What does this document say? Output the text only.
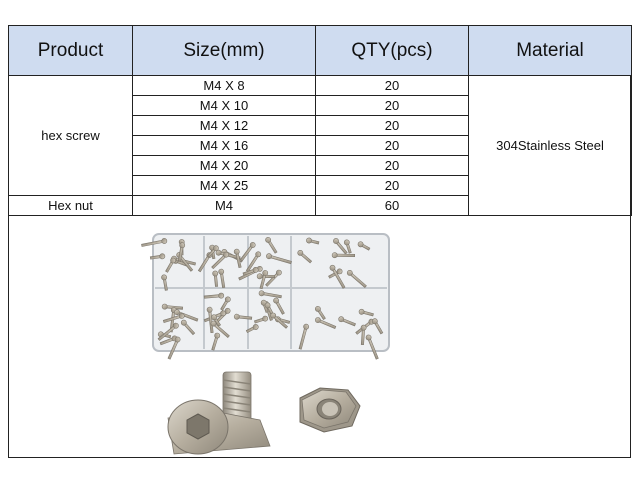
Product	Size(mm)	QTY(pcs)	Material
hex screw	M4 X 8	20	304Stainless Steel
	M4 X 10	20	
	M4 X 12	20	
	M4 X 16	20	
	M4 X 20	20	
	M4 X 25	20	
Hex nut	M4	60	
